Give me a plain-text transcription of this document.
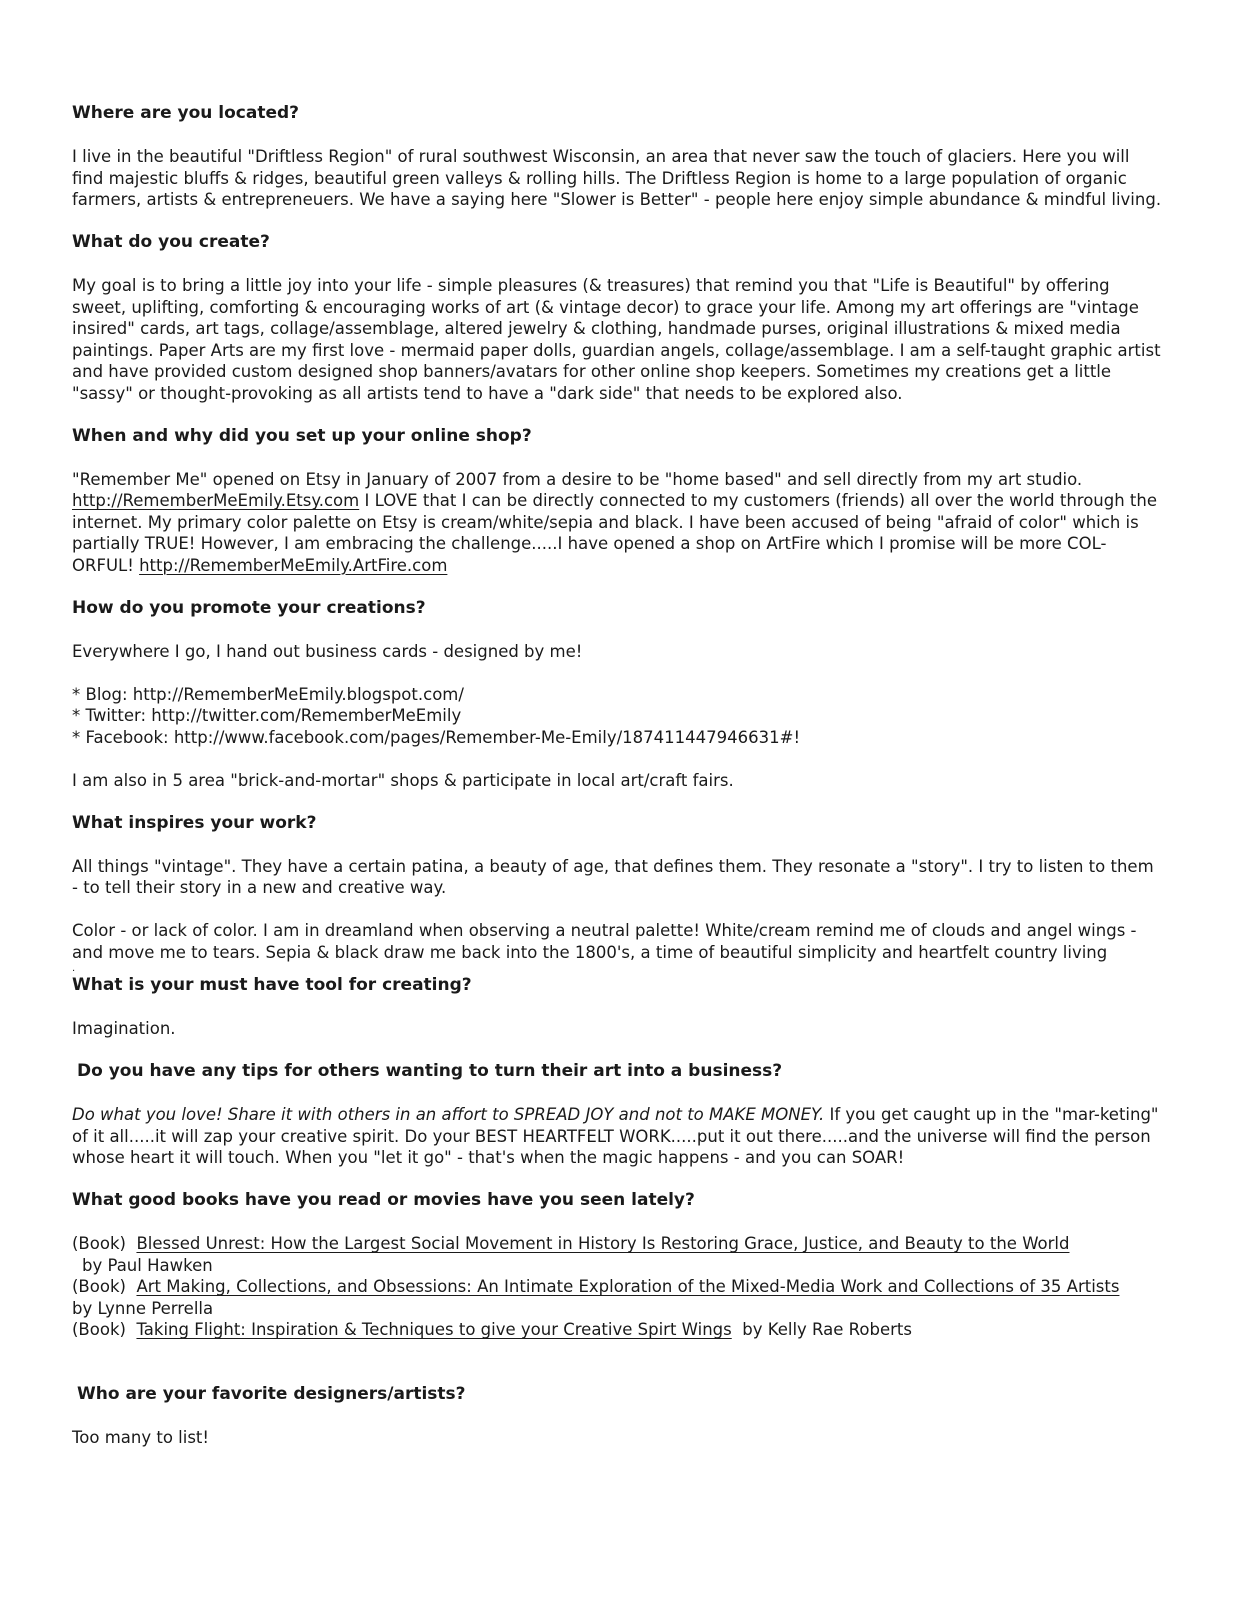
Where are you located?

I live in the beautiful "Driftless Region" of rural southwest Wisconsin, an area that never saw the touch of glaciers. Here you will find majestic bluffs & ridges, beautiful green valleys & rolling hills. The Driftless Region is home to a large population of organic farmers, artists & entrepreneuers. We have a saying here "Slower is Better" - people here enjoy simple abundance & mindful living.

What do you create?

My goal is to bring a little joy into your life - simple pleasures (& treasures) that remind you that "Life is Beautiful" by offering sweet, uplifting, comforting & encouraging works of art (& vintage decor) to grace your life. Among my art offerings are "vintage insired" cards, art tags, collage/assemblage, altered jewelry & clothing, handmade purses, original illustrations & mixed media paintings. Paper Arts are my first love - mermaid paper dolls, guardian angels, collage/assemblage. I am a self-taught graphic artist and have provided custom designed shop banners/avatars for other online shop keepers. Sometimes my creations get a little "sassy" or thought-provoking as all artists tend to have a "dark side" that needs to be explored also.

When and why did you set up your online shop?

"Remember Me" opened on Etsy in January of 2007 from a desire to be "home based" and sell directly from my art studio.
http://RememberMeEmily.Etsy.com I LOVE that I can be directly connected to my customers (friends) all over the world through the internet. My primary color palette on Etsy is cream/white/sepia and black. I have been accused of being "afraid of color" which is partially TRUE! However, I am embracing the challenge.....I have opened a shop on ArtFire which I promise will be more COL-ORFUL! http://RememberMeEmily.ArtFire.com

How do you promote your creations?

Everywhere I go, I hand out business cards - designed by me!

* Blog: http://RememberMeEmily.blogspot.com/

* Twitter: http://twitter.com/RememberMeEmily

* Facebook: http://www.facebook.com/pages/Remember-Me-Emily/187411447946631#!

I am also in 5 area "brick-and-mortar" shops & participate in local art/craft fairs.

What inspires your work?

All things "vintage". They have a certain patina, a beauty of age, that defines them. They resonate a "story". I try to listen to them - to tell their story in a new and creative way.

Color - or lack of color. I am in dreamland when observing a neutral palette! White/cream remind me of clouds and angel wings - and move me to tears. Sepia & black draw me back into the 1800's, a time of beautiful simplicity and heartfelt country living

.

What is your must have tool for creating?

Imagination.

Do you have any tips for others wanting to turn their art into a business?

Do what you love! Share it with others in an affort to SPREAD JOY and not to MAKE MONEY. If you get caught up in the "mar-keting" of it all.....it will zap your creative spirit. Do your BEST HEARTFELT WORK.....put it out there.....and the universe will find the person whose heart it will touch. When you "let it go" - that's when the magic happens - and you can SOAR!

What good books have you read or movies have you seen lately?

(Book) Blessed Unrest: How the Largest Social Movement in History Is Restoring Grace, Justice, and Beauty to the World

by Paul Hawken

(Book) Art Making, Collections, and Obsessions: An Intimate Exploration of the Mixed-Media Work and Collections of 35 Artists

by Lynne Perrella

(Book) Taking Flight: Inspiration & Techniques to give your Creative Spirt Wings by Kelly Rae Roberts

Who are your favorite designers/artists?

Too many to list!
